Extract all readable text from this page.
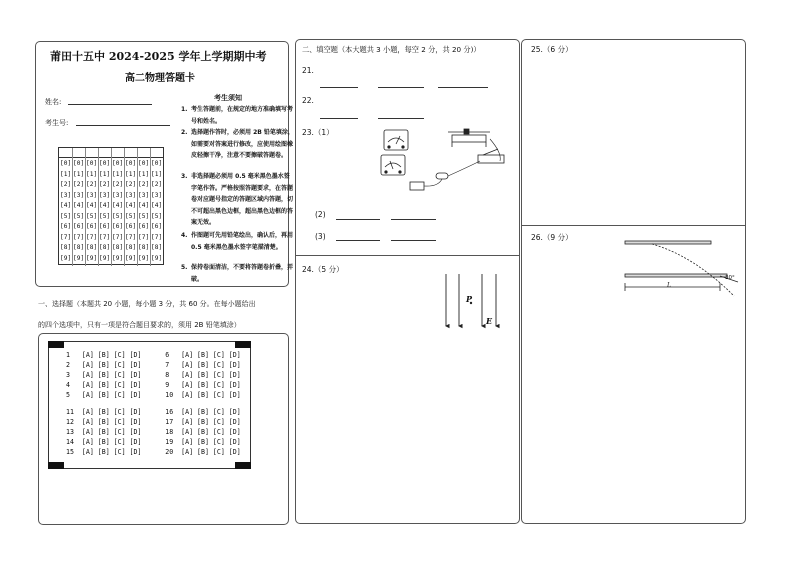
莆田十五中 2024-2025 学年上学期期中考
高二物理答题卡
姓名:
考生号:
考生须知
1. 考生答题前，在规定的地方准确填写考号和姓名。
2. 选择题作答时，必须用 2B 铅笔填涂，如需要对答案进行修改，应使用绘图橡皮轻擦干净，注意不要擦破答题卷。
3. 非选择题必须用 0.5 毫米黑色墨水签字笔作答。严格按照答题要求，在答题卷对应题号指定的答题区域内答题，切不可超出黑色边框，超出黑色边框的答案无效。
4. 作图题可先用铅笔绘出，确认后，再用 0.5 毫米黑色墨水签字笔描清楚。
5. 保持卷面清洁，不要将答题卷折叠，弄破。
[0] [0] [0] [0] [0] [0] [0] [0]
[1] [1] [1] [1] [1] [1] [1] [1]
[2] [2] [2] [2] [2] [2] [2] [2]
[3] [3] [3] [3] [3] [3] [3] [3]
[4] [4] [4] [4] [4] [4] [4] [4]
[5] [5] [5] [5] [5] [5] [5] [5]
[6] [6] [6] [6] [6] [6] [6] [6]
[7] [7] [7] [7] [7] [7] [7] [7]
[8] [8] [8] [8] [8] [8] [8] [8]
[9] [9] [9] [9] [9] [9] [9] [9]
一、选择题（本题共 20 小题，每小题 3 分，共 60 分。在每小题给出
的四个选项中，只有一项是符合题目要求的，须用 2B 铅笔填涂）
1   [A] [B] [C] [D]      6   [A] [B] [C] [D]
2   [A] [B] [C] [D]      7   [A] [B] [C] [D]
3   [A] [B] [C] [D]      8   [A] [B] [C] [D]
4   [A] [B] [C] [D]      9   [A] [B] [C] [D]
5   [A] [B] [C] [D]      10  [A] [B] [C] [D]
11  [A] [B] [C] [D]      16  [A] [B] [C] [D]
12  [A] [B] [C] [D]      17  [A] [B] [C] [D]
13  [A] [B] [C] [D]      18  [A] [B] [C] [D]
14  [A] [B] [C] [D]      19  [A] [B] [C] [D]
15  [A] [B] [C] [D]      20  [A] [B] [C] [D]
二、填空题（本大题共 3 小题，每空 2 分，共 20 分)）
21.
22.
23.（1）
(2)
(3)
24.（5 分）
P
E
25.（6 分）
26.（9 分）
30°
L
